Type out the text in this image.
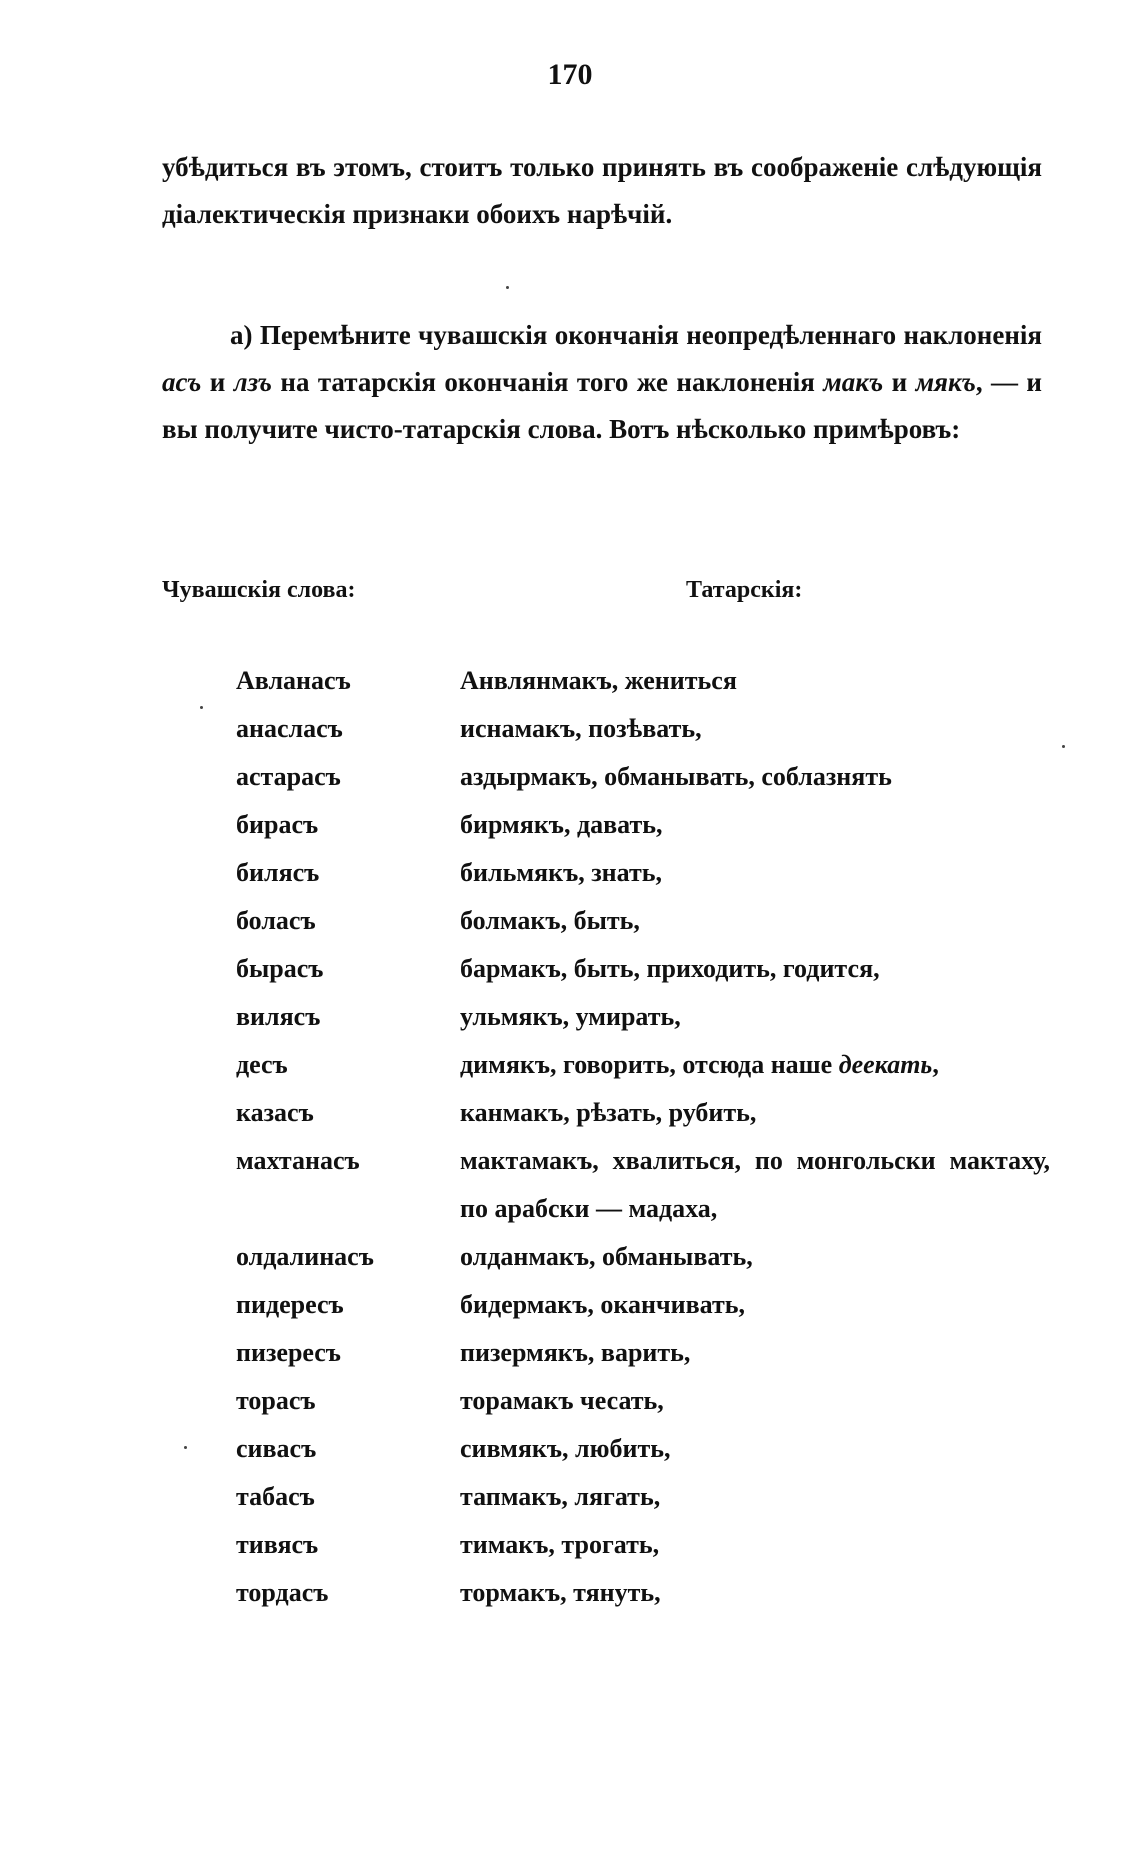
170
убѣдиться въ этомъ, стоитъ только принять въ соображеніе слѣдующія діалектическія признаки обоихъ нарѣчій.
а) Перемѣните чувашскія окончанія неопредѣленнаго наклоненія асъ и лзъ на татарскія окончанія того же наклоненія макъ и мякъ, — и вы получите чисто-татарскія слова. Вотъ нѣсколько примѣровъ:
Чувашскія слова:	Татарскія:
Авланасъ	Анвлянмакъ, жениться
анаcласъ	иснамакъ, позѣвать,
астарасъ	аздырмакъ, обманывать, соблазнять
бирасъ	бирмякъ, давать,
билясъ	бильмякъ, знать,
боласъ	болмакъ, быть,
бырасъ	бармакъ, быть, приходить, годится,
вилясъ	ульмякъ, умирать,
десъ	димякъ, говорить, отсюда наше деекать,
казасъ	канмакъ, рѣзать, рубить,
махтанасъ	мактамакъ, хвалиться, по монгольски мактаху, по арабски — мадаха,
олдалинасъ	олданмакъ, обманывать,
пидересъ	бидермакъ, оканчивать,
пизересъ	пизермякъ, варить,
торасъ	торамакъ чесать,
сивасъ	сивмякъ, любить,
табасъ	тапмакъ, лягать,
тивясъ	тимакъ, трогать,
тордасъ	тормакъ, тянуть,
